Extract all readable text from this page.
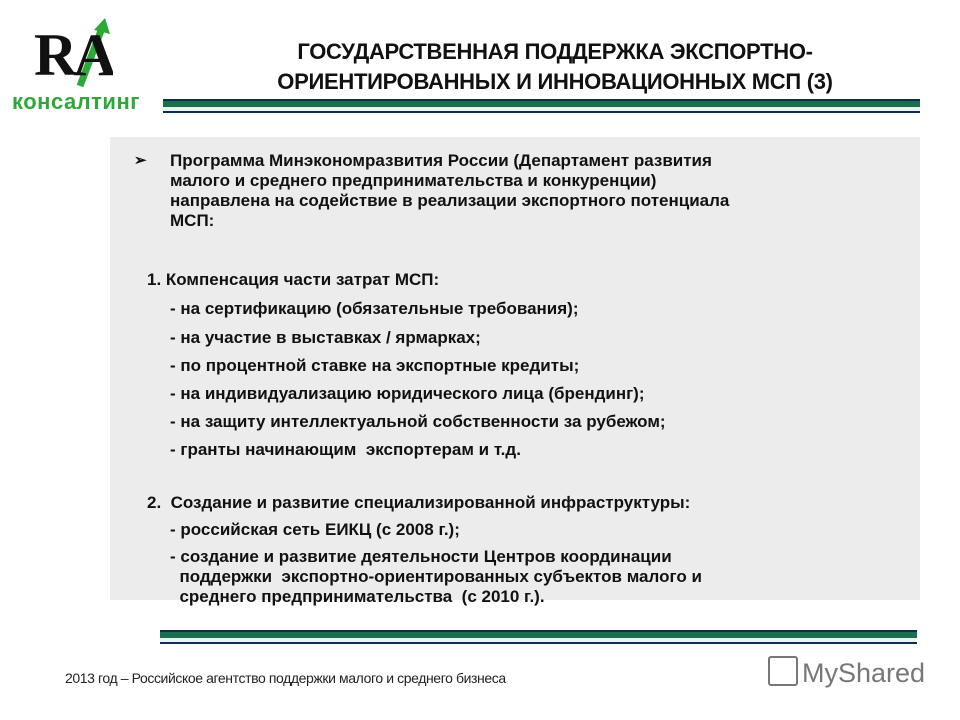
RA
консалтинг
ГОСУДАРСТВЕННАЯ ПОДДЕРЖКА ЭКСПОРТНО-
ОРИЕНТИРОВАННЫХ И ИННОВАЦИОННЫХ МСП (3)
➢ Программа Минэкономразвития России (Департамент развития
малого и среднего предпринимательства и конкуренции)
направлена на содействие в реализации экспортного потенциала
МСП:
1. Компенсация части затрат МСП:
- на сертификацию (обязательные требования);
- на участие в выставках / ярмарках;
- по процентной ставке на экспортные кредиты;
- на индивидуализацию юридического лица (брендинг);
- на защиту интеллектуальной собственности за рубежом;
- гранты начинающим  экспортерам и т.д.
2.  Создание и развитие специализированной инфраструктуры:
- российская сеть ЕИКЦ (с 2008 г.);
- создание и развитие деятельности Центров координации
поддержки  экспортно-ориентированных субъектов малого и
среднего предпринимательства  (с 2010 г.).
2013 год – Российское агентство поддержки малого и среднего бизнеса	MyShared
